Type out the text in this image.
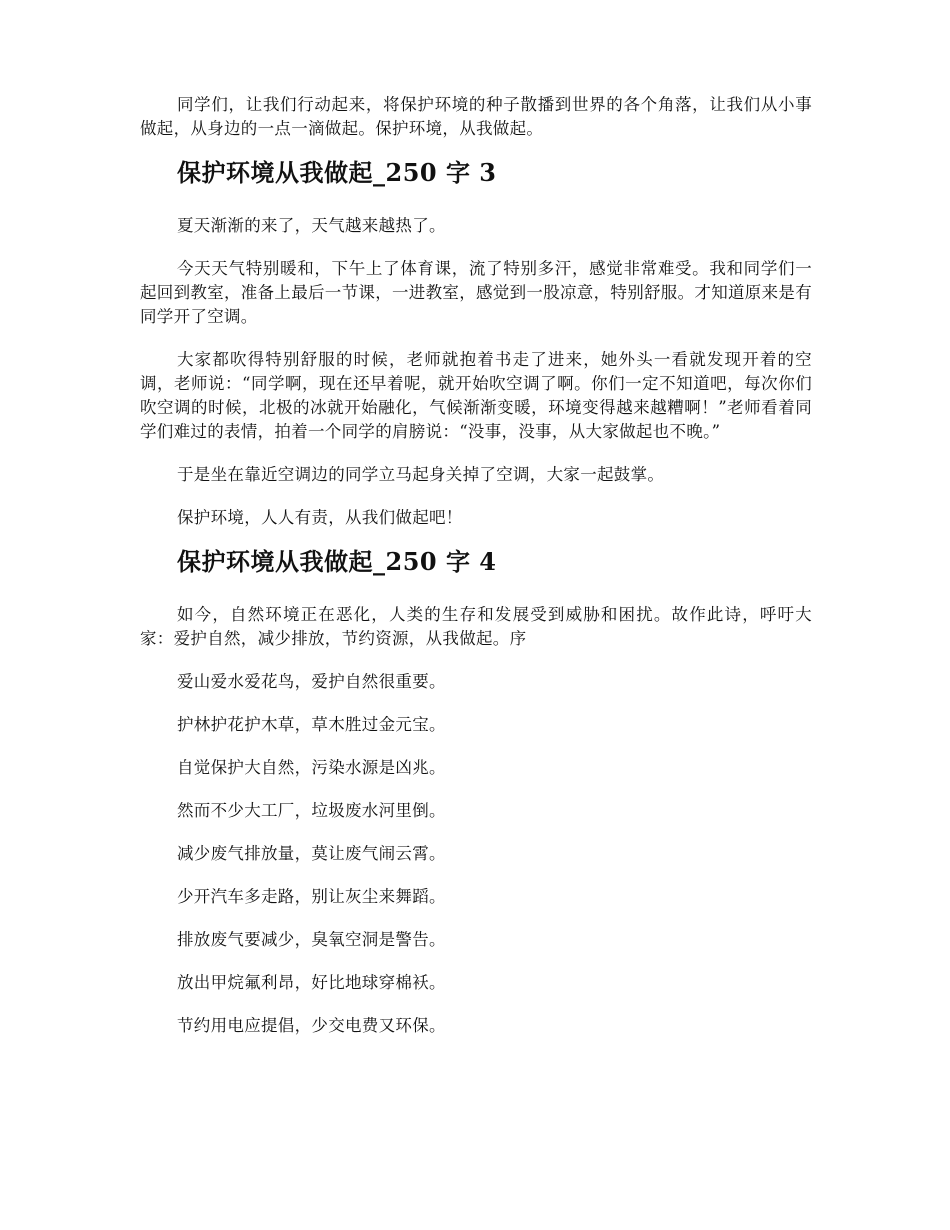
同学们，让我们行动起来，将保护环境的种子散播到世界的各个角落，让我们从小事做起，从身边的一点一滴做起。保护环境，从我做起。

保护环境从我做起_250 字 3

夏天渐渐的来了，天气越来越热了。

今天天气特别暖和，下午上了体育课，流了特别多汗，感觉非常难受。我和同学们一起回到教室，准备上最后一节课，一进教室，感觉到一股凉意，特别舒服。才知道原来是有同学开了空调。

大家都吹得特别舒服的时候，老师就抱着书走了进来，她外头一看就发现开着的空调，老师说：“同学啊，现在还早着呢，就开始吹空调了啊。你们一定不知道吧，每次你们吹空调的时候，北极的冰就开始融化，气候渐渐变暖，环境变得越来越糟啊！”老师看着同学们难过的表情，拍着一个同学的肩膀说：“没事，没事，从大家做起也不晚。”

于是坐在靠近空调边的同学立马起身关掉了空调，大家一起鼓掌。

保护环境，人人有责，从我们做起吧！

保护环境从我做起_250 字 4

如今，自然环境正在恶化，人类的生存和发展受到威胁和困扰。故作此诗，呼吁大家：爱护自然，减少排放，节约资源，从我做起。序

爱山爱水爱花鸟，爱护自然很重要。

护林护花护木草，草木胜过金元宝。

自觉保护大自然，污染水源是凶兆。

然而不少大工厂，垃圾废水河里倒。

减少废气排放量，莫让废气闹云霄。

少开汽车多走路，别让灰尘来舞蹈。

排放废气要减少，臭氧空洞是警告。

放出甲烷氟利昂，好比地球穿棉袄。

节约用电应提倡，少交电费又环保。
